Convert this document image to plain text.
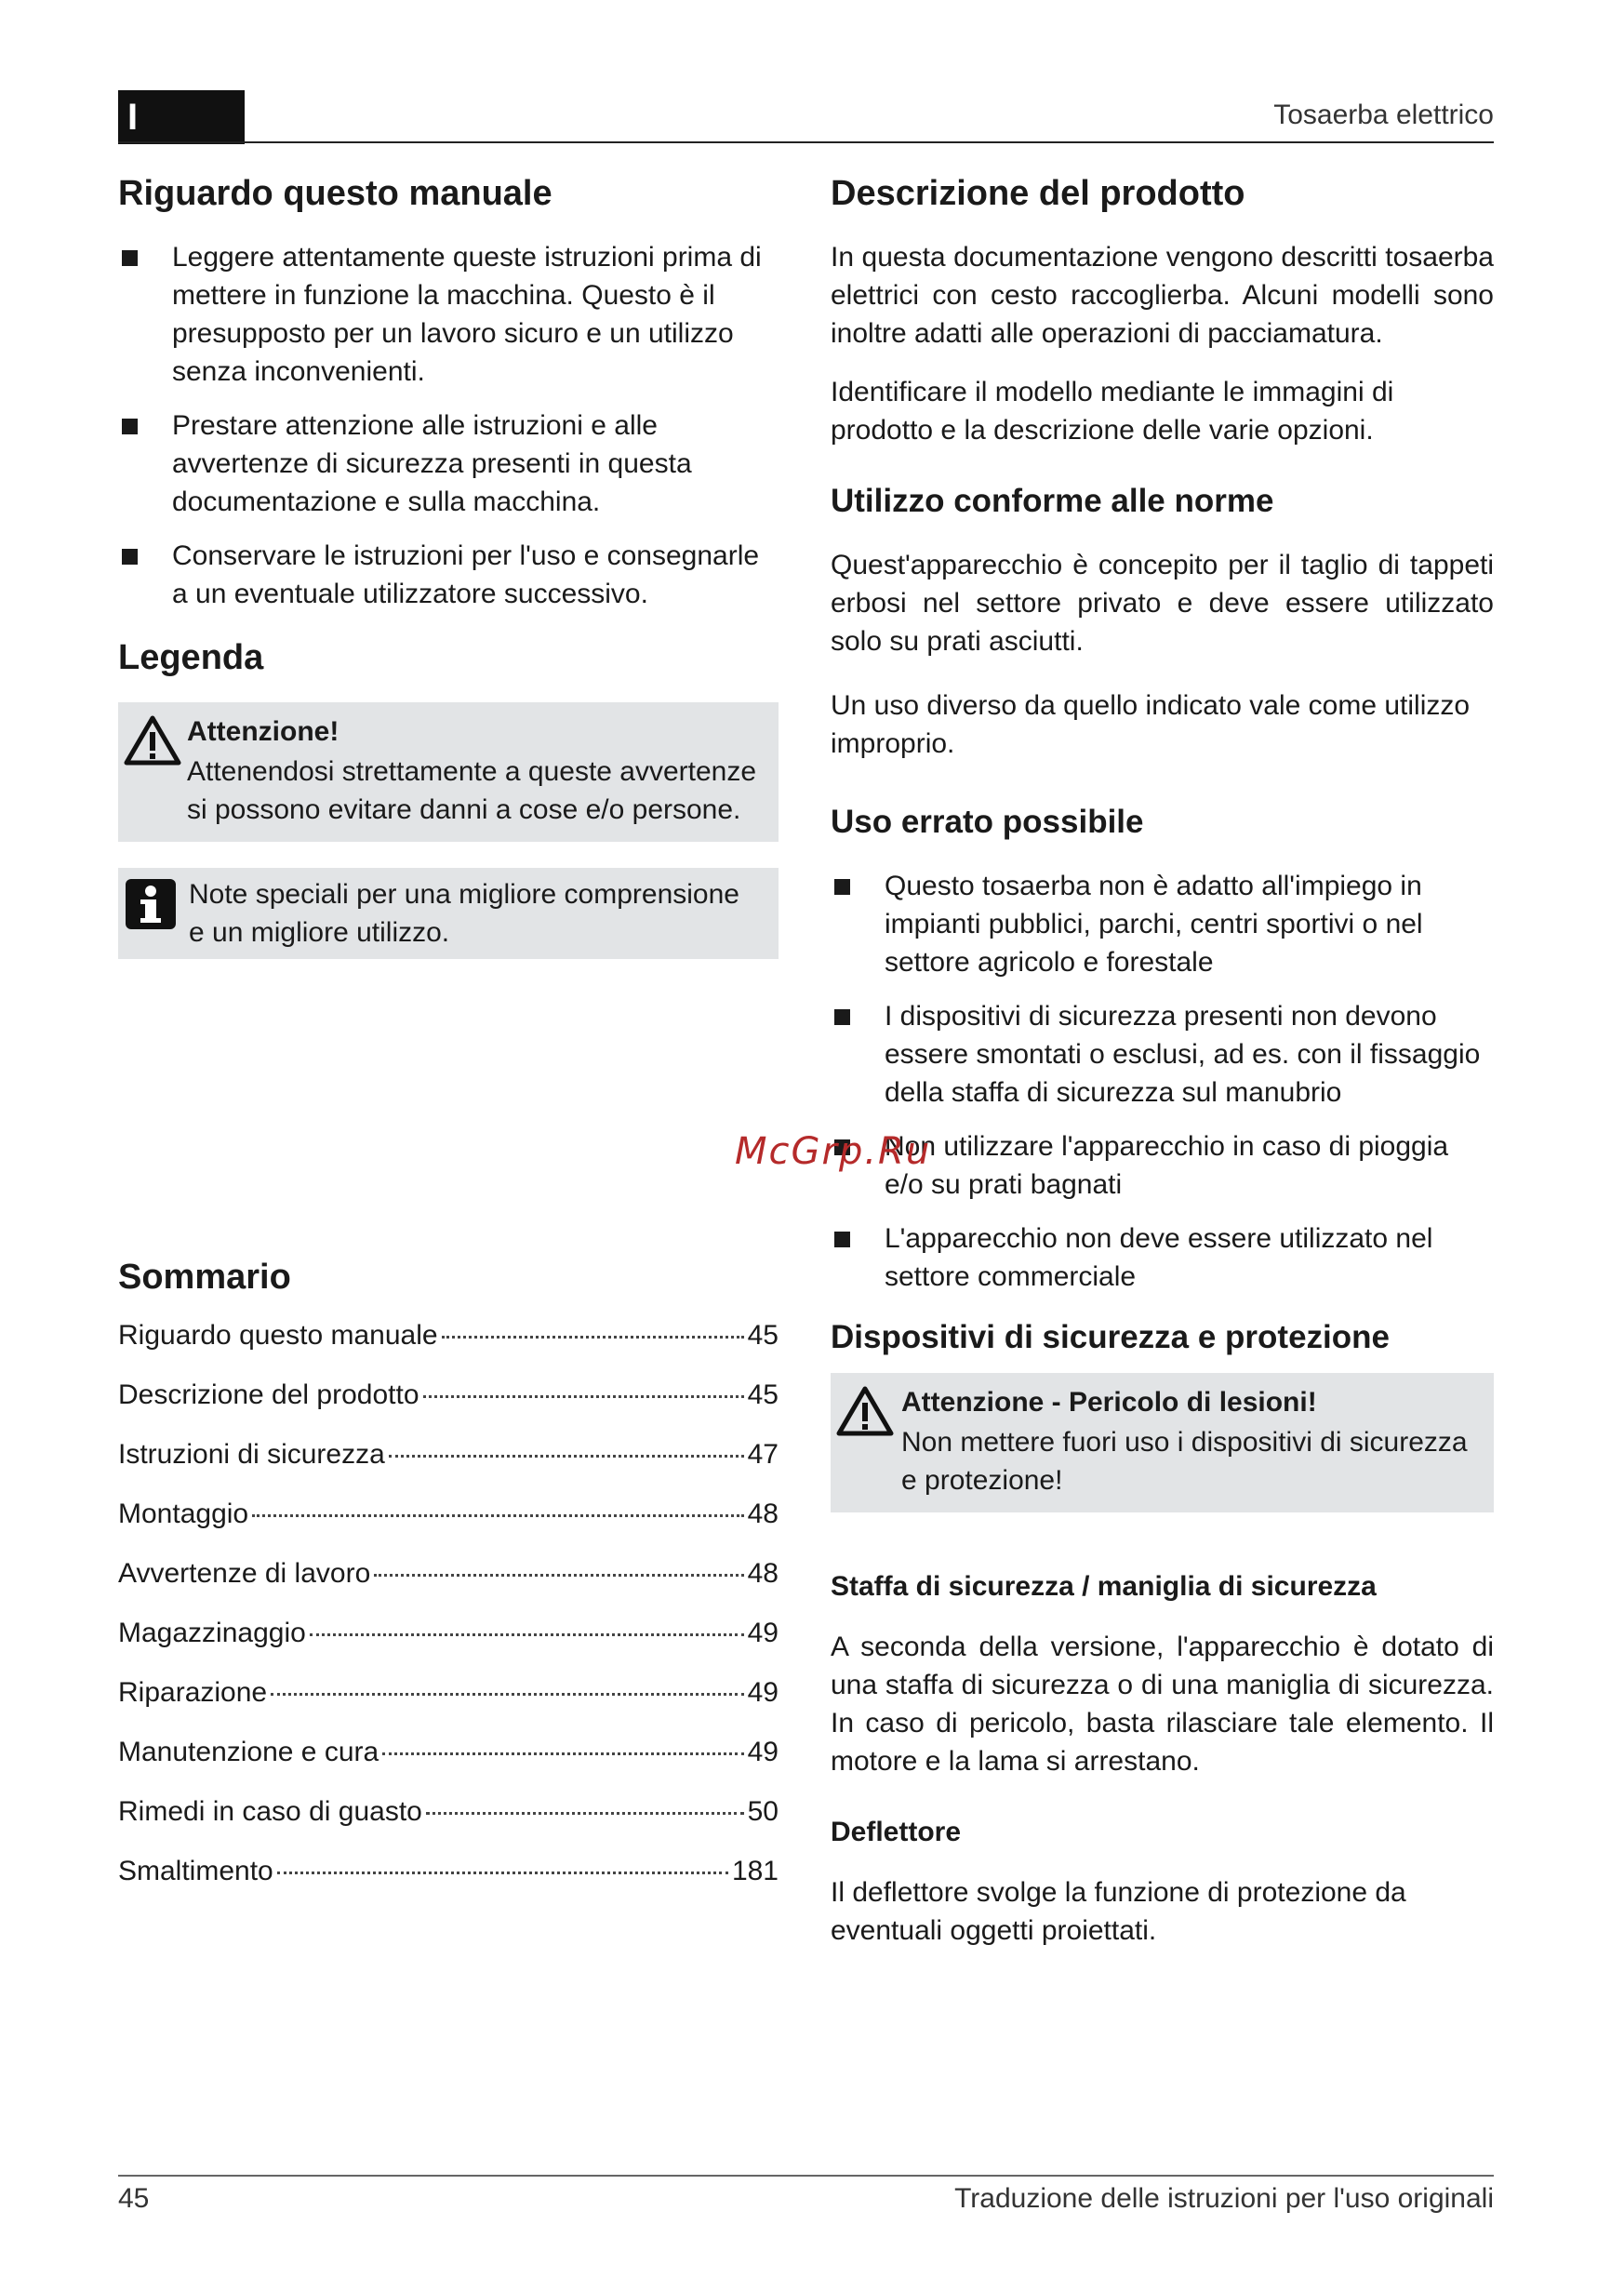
I	Tosaerba elettrico
Riguardo questo manuale
Leggere attentamente queste istruzioni prima di mettere in funzione la macchina. Questo è il presupposto per un lavoro sicuro e un utilizzo senza inconvenienti.
Prestare attenzione alle istruzioni e alle avvertenze di sicurezza presenti in questa documentazione e sulla macchina.
Conservare le istruzioni per l'uso e consegnarle a un eventuale utilizzatore successivo.
Legenda
Attenzione!

Attenendosi strettamente a queste avvertenze si possono evitare danni a cose e/o persone.

Note speciali per una migliore comprensione e un migliore utilizzo.

Sommario
Riguardo questo manuale	45
Descrizione del prodotto	45
Istruzioni di sicurezza	47
Montaggio	48
Avvertenze di lavoro	48
Magazzinaggio	49
Riparazione	49
Manutenzione e cura	49
Rimedi in caso di guasto	50
Smaltimento	181
Descrizione del prodotto

In questa documentazione vengono descritti tosaerba elettrici con cesto raccoglierba. Alcuni modelli sono inoltre adatti alle operazioni di pacciamatura.

Identificare il modello mediante le immagini di prodotto e la descrizione delle varie opzioni.

Utilizzo conforme alle norme

Quest'apparecchio è concepito per il taglio di tappeti erbosi nel settore privato e deve essere utilizzato solo su prati asciutti.

Un uso diverso da quello indicato vale come utilizzo improprio.

Uso errato possibile
Questo tosaerba non è adatto all'impiego in impianti pubblici, parchi, centri sportivi o nel settore agricolo e forestale
I dispositivi di sicurezza presenti non devono essere smontati o esclusi, ad es. con il fissaggio della staffa di sicurezza sul manubrio
Non utilizzare l'apparecchio in caso di pioggia e/o su prati bagnati
L'apparecchio non deve essere utilizzato nel settore commerciale
Dispositivi di sicurezza e protezione
Attenzione - Pericolo di lesioni!

Non mettere fuori uso i dispositivi di sicurezza e protezione!

Staffa di sicurezza / maniglia di sicurezza

A seconda della versione, l'apparecchio è dotato di una staffa di sicurezza o di una maniglia di sicurezza. In caso di pericolo, basta rilasciare tale elemento. Il motore e la lama si arrestano.

Deflettore

Il deflettore svolge la funzione di protezione da eventuali oggetti proiettati.

McGrp.Ru
45	Traduzione delle istruzioni per l'uso originali
